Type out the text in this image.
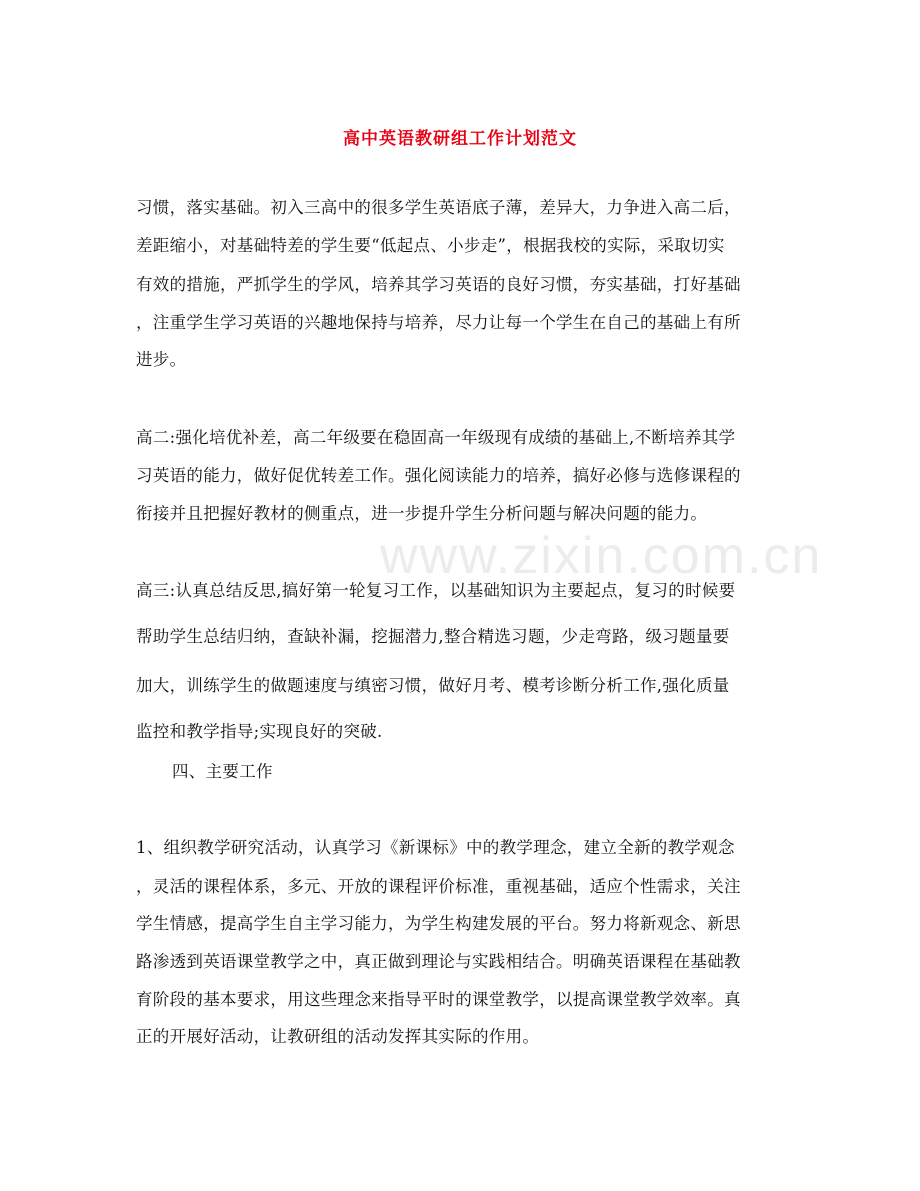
高中英语教研组工作计划范文
www.zixin.com.cn
习惯，落实基础。初入三高中的很多学生英语底子薄，差异大，力争进入高二后，
差距缩小，对基础特差的学生要“低起点、小步走”，根据我校的实际，采取切实
有效的措施，严抓学生的学风，培养其学习英语的良好习惯，夯实基础，打好基础
，注重学生学习英语的兴趣地保持与培养，尽力让每一个学生在自己的基础上有所
进步。
高二:强化培优补差，高二年级要在稳固高一年级现有成绩的基础上,不断培养其学
习英语的能力，做好促优转差工作。强化阅读能力的培养，搞好必修与选修课程的
衔接并且把握好教材的侧重点，进一步提升学生分析问题与解决问题的能力。
高三:认真总结反思,搞好第一轮复习工作，以基础知识为主要起点，复习的时候要
帮助学生总结归纳，查缺补漏，挖掘潜力,整合精选习题，少走弯路，级习题量要
加大，训练学生的做题速度与缜密习惯，做好月考、模考诊断分析工作,强化质量
监控和教学指导;实现良好的突破.
四、主要工作
1、组织教学研究活动，认真学习《新课标》中的教学理念，建立全新的教学观念
，灵活的课程体系，多元、开放的课程评价标准，重视基础，适应个性需求，关注
学生情感，提高学生自主学习能力，为学生构建发展的平台。努力将新观念、新思
路渗透到英语课堂教学之中，真正做到理论与实践相结合。明确英语课程在基础教
育阶段的基本要求，用这些理念来指导平时的课堂教学，以提高课堂教学效率。真
正的开展好活动，让教研组的活动发挥其实际的作用。
